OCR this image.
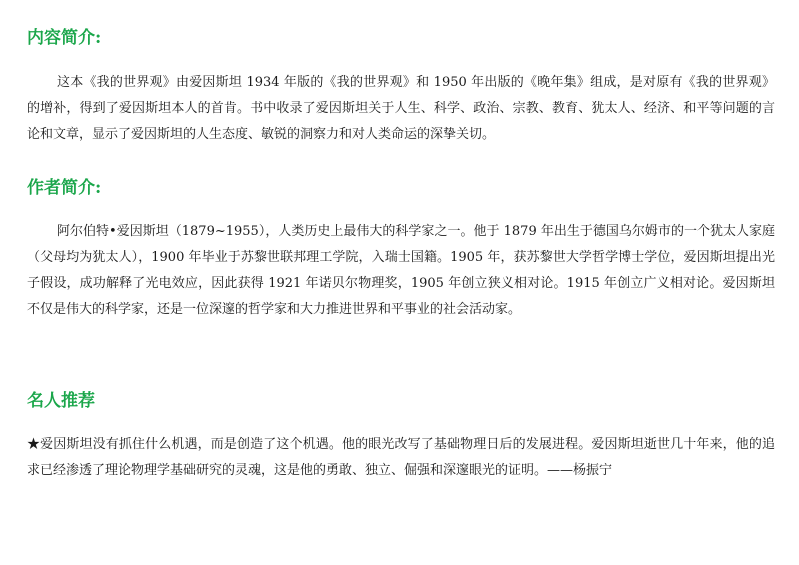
内容简介:

这本《我的世界观》由爱因斯坦 1934 年版的《我的世界观》和 1950 年出版的《晚年集》组成，是对原有《我的世界观》的增补，得到了爱因斯坦本人的首肯。书中收录了爱因斯坦关于人生、科学、政治、宗教、教育、犹太人、经济、和平等问题的言论和文章，显示了爱因斯坦的人生态度、敏锐的洞察力和对人类命运的深挚关切。

作者简介:

阿尔伯特•爱因斯坦（1879~1955），人类历史上最伟大的科学家之一。他于 1879 年出生于德国乌尔姆市的一个犹太人家庭（父母均为犹太人），1900 年毕业于苏黎世联邦理工学院，入瑞士国籍。1905 年，获苏黎世大学哲学博士学位，爱因斯坦提出光子假设，成功解释了光电效应，因此获得 1921 年诺贝尔物理奖，1905 年创立狭义相对论。1915 年创立广义相对论。爱因斯坦不仅是伟大的科学家，还是一位深邃的哲学家和大力推进世界和平事业的社会活动家。

名人推荐

★爱因斯坦没有抓住什么机遇，而是创造了这个机遇。他的眼光改写了基础物理日后的发展进程。爱因斯坦逝世几十年来，他的追求已经渗透了理论物理学基础研究的灵魂，这是他的勇敢、独立、倔强和深邃眼光的证明。——杨振宁
